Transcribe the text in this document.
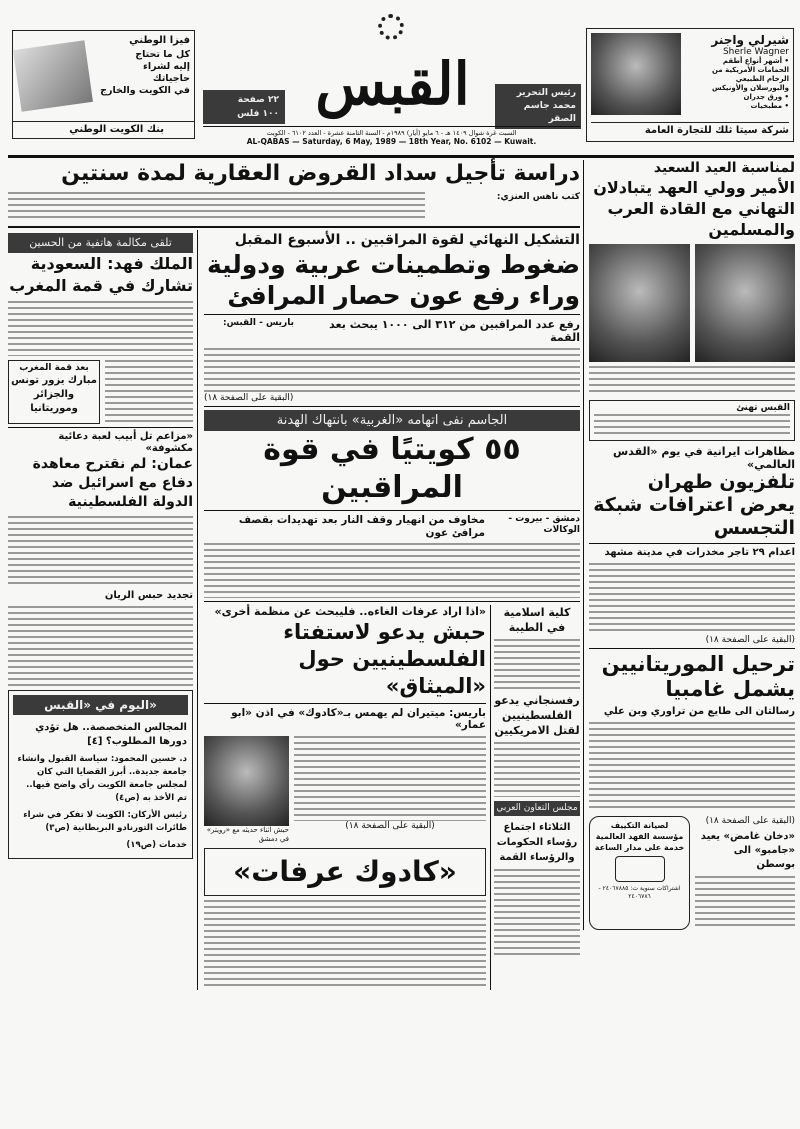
فيزا الوطني
كل ما تحتاج
إليه لشراء
حاجياتك
في الكويت والخارج
بنك الكويت الوطني
٢٢ صفحة
١٠٠ فلس القبس	رئيس التحرير
محمد جاسم الصقر
السبت غرة شوال ١٤٠٩ هـ - ٦ مايو (أيار) ١٩٨٩م - السنة الثامنة عشرة - العدد ٦١٠٢ - الكويت
AL-QABAS — Saturday, 6 May, 1989 — 18th Year, No. 6102 — Kuwait.
شيرلي واجنر
Sherle Wagner
• أشهر أنواع أطقم
الحمامات الأمريكية من
الرخام الطبيعي
والبورسلان والأونيكس
• ورق جدران
• مطبخيات
شركة سيتا ثلك للتجارة العامة
لمناسبة العيد السعيد
الأمير وولي العهد يتبادلان التهاني مع القادة العرب والمسلمين
القبس تهنئ
مظاهرات ايرانية في يوم «القدس العالمي»
تلفزيون طهران يعرض اعترافات شبكة التجسس
اعدام ٢٩ تاجر مخدرات في مدينة مشهد
(البقية على الصفحة ١٨)
ترحيل الموريتانيين يشمل غامبيا
رسالتان الى طايع من تراوري وبن علي
(البقية على الصفحة ١٨)
«دخان غامض» يعيد «جامبو» الى بوسطن
لصيانة التكييف
مؤسسة الفهد العالمية
خدمة على مدار الساعة
اشتراكات سنوية ت: ٢٤٠٦٧٨٨٥ - ٢٤٠٦٧٨٦
دراسة تأجيل سداد القروض العقارية لمدة سنتين
كتب ناهس العنزي:
تلقى مكالمة هاتفية من الحسين
الملك فهد: السعودية تشارك في قمة المغرب
بعد قمة المغرب
مبارك يزور تونس والجزائر وموريتانيا
«مزاعم تل أبيب لعبة دعائية مكشوفة»
عمان: لم نقترح معاهدة دفاع مع اسرائيل ضد الدولة الفلسطينية
تجديد حبس الريان
اليوم في «القبس»
المجالس المتخصصة.. هل تؤدي دورها المطلوب؟ [٤]
د. حسين المحمود: سياسة القبول وانشاء جامعة جديدة.. أبرز القضايا التي كان لمجلس جامعة الكويت رأي واضح فيها.. تم الأخذ به (ص٤)
رئيس الأركان: الكويت لا تفكر في شراء طائرات التورنادو البريطانية (ص٣)
خدمات (ص١٩)
التشكيل النهائي لقوة المراقبين .. الأسبوع المقبل
ضغوط وتطمينات عربية ودولية وراء رفع عون حصار المرافئ
رفع عدد المراقبين من ٣١٢ الى ١٠٠٠ يبحث بعد القمة
باريس - القبس:
(البقية على الصفحة ١٨)
الجاسم نفى اتهامه «الغربية» بانتهاك الهدنة
٥٥ كويتيًا في قوة المراقبين
دمشق - بيروت - الوكالات
مخاوف من انهيار وقف النار بعد تهديدات بقصف مرافئ عون
كلية اسلامية في الطيبة
رفسنجاني يدعو الفلسطينيين لقتل الامريكيين
مجلس التعاون العربي
الثلاثاء اجتماع رؤساء الحكومات والرؤساء القمة
«اذا اراد عرفات الغاءه.. فليبحث عن منظمة أخرى»
حبش يدعو لاستفتاء الفلسطينيين حول «الميثاق»
باريس: ميتيران لم يهمس بـ«كادوك» في اذن «ابو عمار»
حبش اثناء حديثه مع «رويتر» في دمشق
(البقية على الصفحة ١٨)
«كادوك عرفات»
